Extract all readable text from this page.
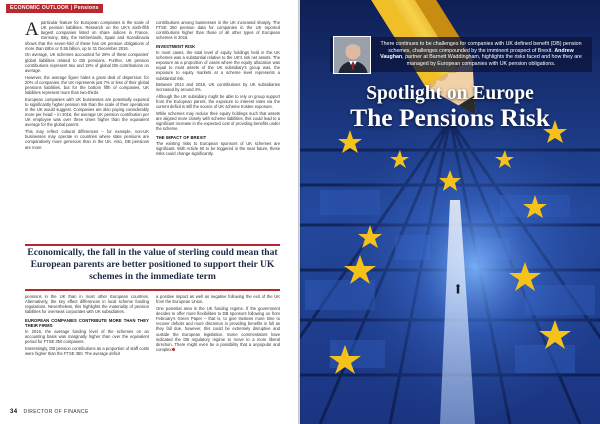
ECONOMIC OUTLOOK | Pensions

Aparticular feature for European companies is the scale of UK pension liabilities. Research on the UK's sixth-fifth largest companies listed on share indices in France, Germany, Italy, the Netherlands, Spain and Scandinavia shows that the seven-fold of these has UK pension obligations of more than £8bn or 0.55 billion, up to 31 December 2016.

On average, UK schemes accounted for 29% of these companies' global liabilities related to DB pensions. Further, UK pension contributions represent two and 19% of global DB contributions on average.

However, the average figure hides a great deal of dispersion: for 20% of companies, the UK represents just 7% or less of their global pensions liabilities, but for the bottom fifth of companies, UK liabilities represent more than two-thirds.

European companies with UK businesses are potentially exposed to significantly higher pension risk than the scale of their operations in the UK would suggest. Companies are also paying considerably more per head – in 2016, the average UK pension contribution per UK employee was over three times higher than the equivalent average for the global parent.

This may reflect cultural differences – for example, non-UK businesses may operate in countries where state pensions are comparatively more generous than in the UK. Also, DB pensions are more

contributions among businesses in the UK increased sharply. The FTSE 350 pension data for companies in the UK reported contributions higher than those of all other types of European schemes in 2016.

INVESTMENT RISK

In most cases, the total level of equity holdings held in the UK schemes was a substantial relative to the UK's risk net assets. The exposure as a proportion of cases where the equity allocation was equal to most assets of the UK subsidiary's group was, the exposure to equity markets at a scheme level represents a substantial risk.

Between 2014 and 2016, UK contributions by UK subsidiaries increased by around 4%.

Although the UK subsidiary might be able to rely on group support from the European parent, the exposure to interest rates via the current deficit is still the source of UK scheme trustee exposure.

While schemes may reduce their equity holdings such that assets are aligned more closely with scheme liabilities, this could lead to a significant increase in the expected cost of providing benefits under the scheme.

THE IMPACT OF BREXIT

The existing risks to European sponsors of UK schemes are significant. With Article 50 to be triggered in the near future, these risks could change significantly.

Economically, the fall in the value of sterling could mean that European parents are better positioned to support their UK schemes in the immediate term

pensions in the UK than in most other European countries. Alternatively, the key effect differences in local scheme funding regulations. Nevertheless, this highlights the materiality of pension liabilities for overseas corporates with UK subsidiaries.

EUROPEAN COMPANIES CONTRIBUTE MORE THAN THEY THEIR FIRMS

In 2016, the average funding level of the schemes on an accounting basis was marginally higher than over the equivalent period for FTSE 350 companies.

Interestingly, DB pension contributions as a proportion of staff costs were higher than the FTSE 350. The average deficit

a positive impact as well as negative following the exit of the UK from the European Union.

One potential area is the UK funding regime. If the government decides to offer more flexibilities to DB sponsors following on from February's Green Paper – that is, to give trustees more time to recover deficits and more discretion in providing benefits in full as they fall due, however, this could be extremely disruptive and outside the European legislation. Some commentators have indicated the DB regulatory regime to move to a more liberal direction. There might even be a possibility that a unpopular and complex

34 DIRECTOR OF FINANCE
There continues to be challenges for companies with UK defined benefit (DB) pension schemes, challenges compounded by the imminent prospect of Brexit. Andrew Vaughan, partner at Barnett Waddingham, highlights the risks faced and how they are managed by European companies with UK pension obligations.
Spotlight on Europe
The Pensions Risk
